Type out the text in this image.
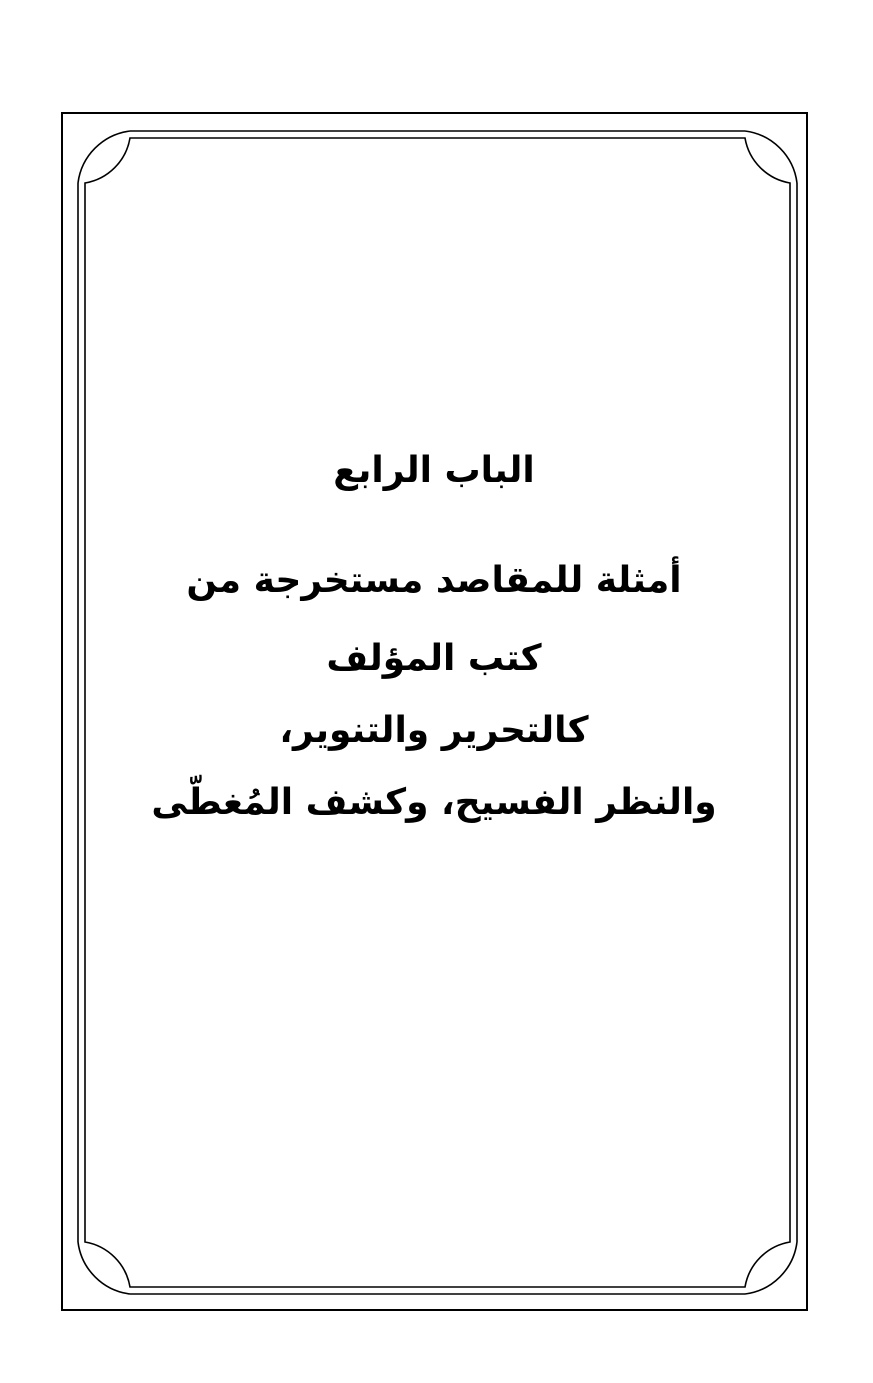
الباب الرابع
أمثلة للمقاصد مستخرجة من
كتب المؤلف
كالتحرير والتنوير،
والنظر الفسيح، وكشف المُغطّى
